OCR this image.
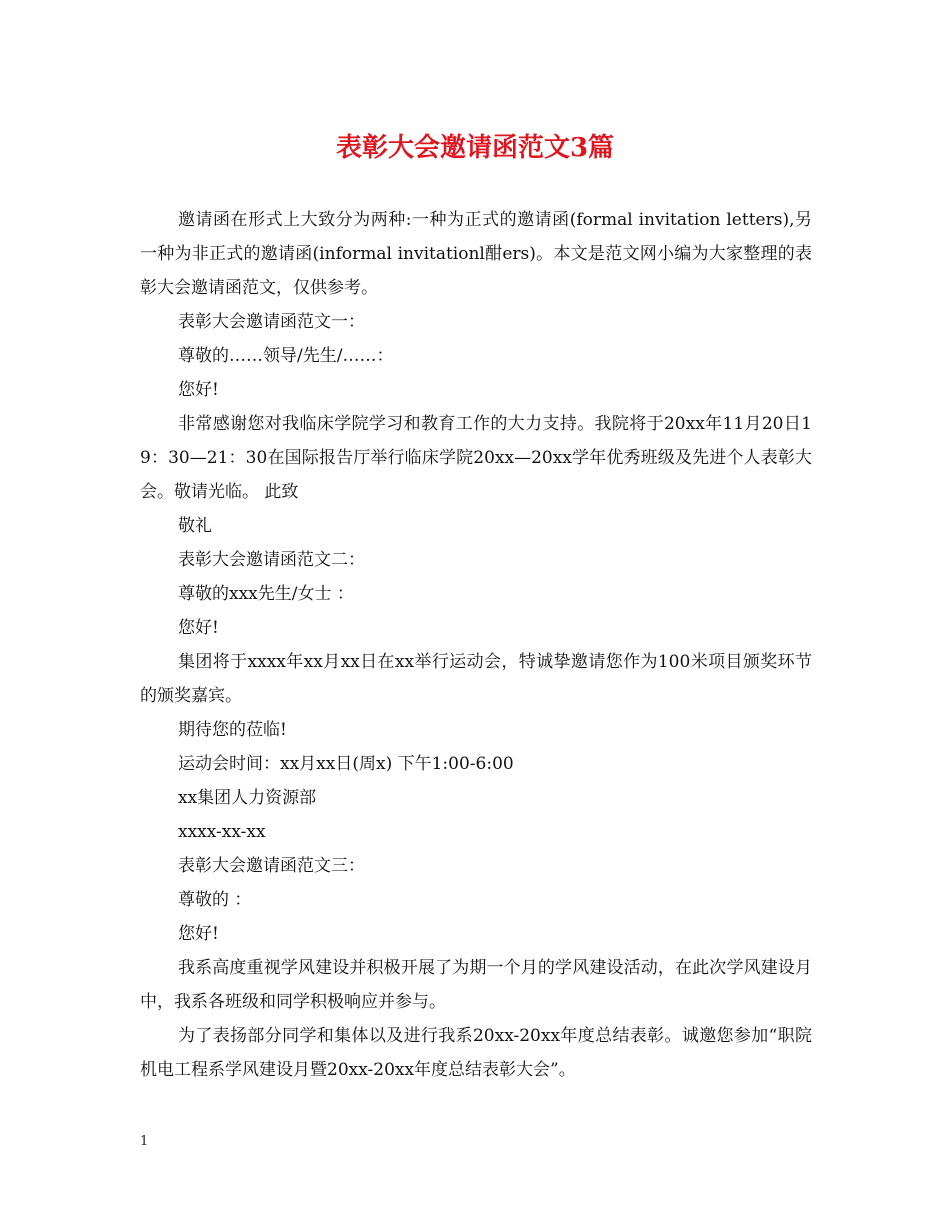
表彰大会邀请函范文3篇

邀请函在形式上大致分为两种:一种为正式的邀请函(formal invitation letters),另一种为非正式的邀请函(informal invitationl酣ers)。本文是范文网小编为大家整理的表彰大会邀请函范文，仅供参考。

表彰大会邀请函范文一：

尊敬的……领导/先生/……：

您好!

非常感谢您对我临床学院学习和教育工作的大力支持。我院将于20xx年11月20日19：30—21：30在国际报告厅举行临床学院20xx—20xx学年优秀班级及先进个人表彰大会。敬请光临。 此致

敬礼

表彰大会邀请函范文二：

尊敬的xxx先生/女士 ：

您好!

集团将于xxxx年xx月xx日在xx举行运动会，特诚挚邀请您作为100米项目颁奖环节的颁奖嘉宾。

期待您的莅临!

运动会时间：xx月xx日(周x) 下午1:00-6:00

xx集团人力资源部

xxxx-xx-xx

表彰大会邀请函范文三：

尊敬的 ：

您好!

我系高度重视学风建设并积极开展了为期一个月的学风建设活动，在此次学风建设月中，我系各班级和同学积极响应并参与。

为了表扬部分同学和集体以及进行我系20xx-20xx年度总结表彰。诚邀您参加“职院机电工程系学风建设月暨20xx-20xx年度总结表彰大会”。

1
